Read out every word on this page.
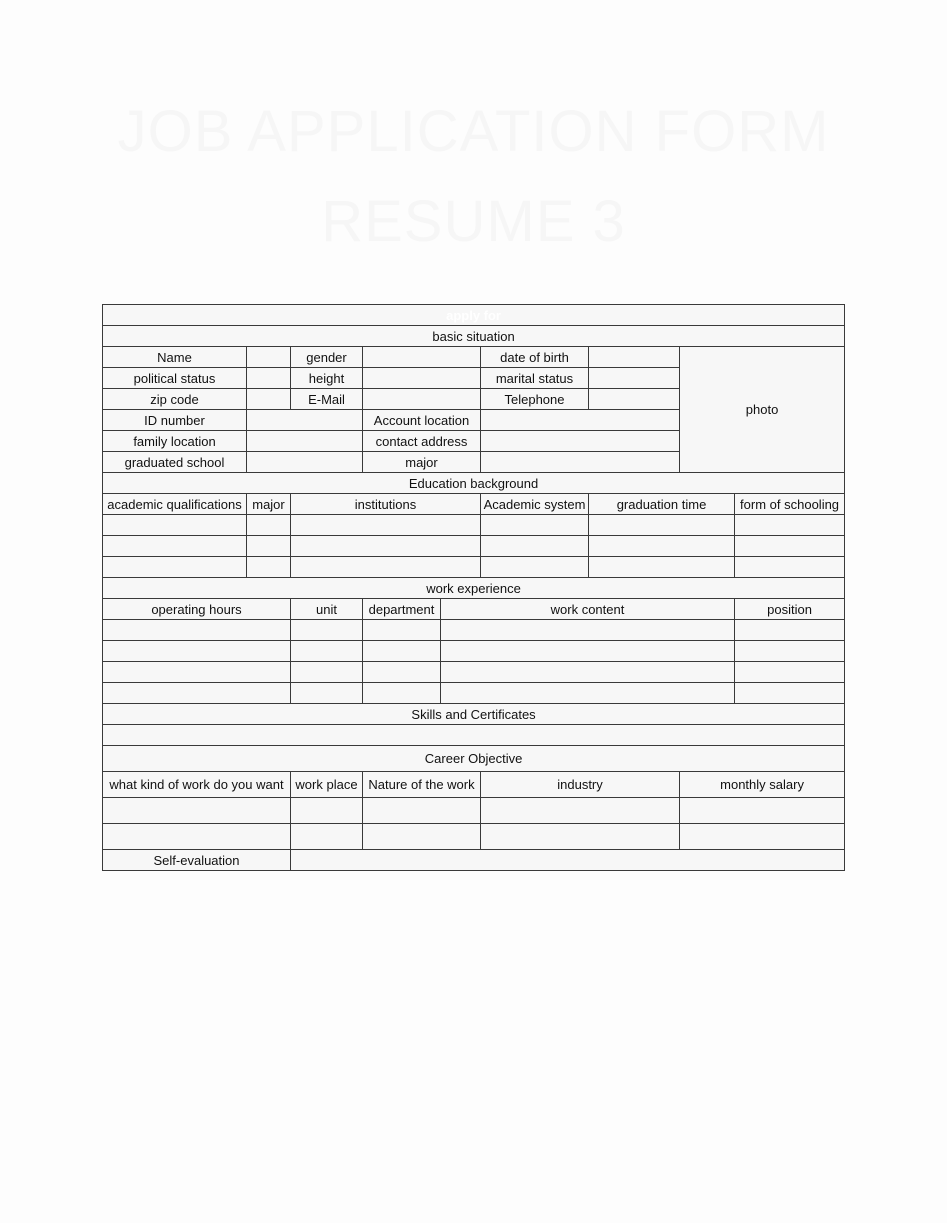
JOB APPLICATION FORM
RESUME 3
apply for								
basic situation								
Name		gender			date of birth		photo	
political status		height			marital status			
zip code		E-Mail			Telephone			
ID number			Account location					
family location			contact address					
graduated school			major					
Education background								
academic qualifications	major	institutions			Academic system	graduation time		form of schooling

work experience								
operating hours		unit	department	work content				position

Skills and Certificates								

Career Objective								
what kind of work do you want		work place	Nature of the work		industry		monthly salary	

Self-evaluation								
